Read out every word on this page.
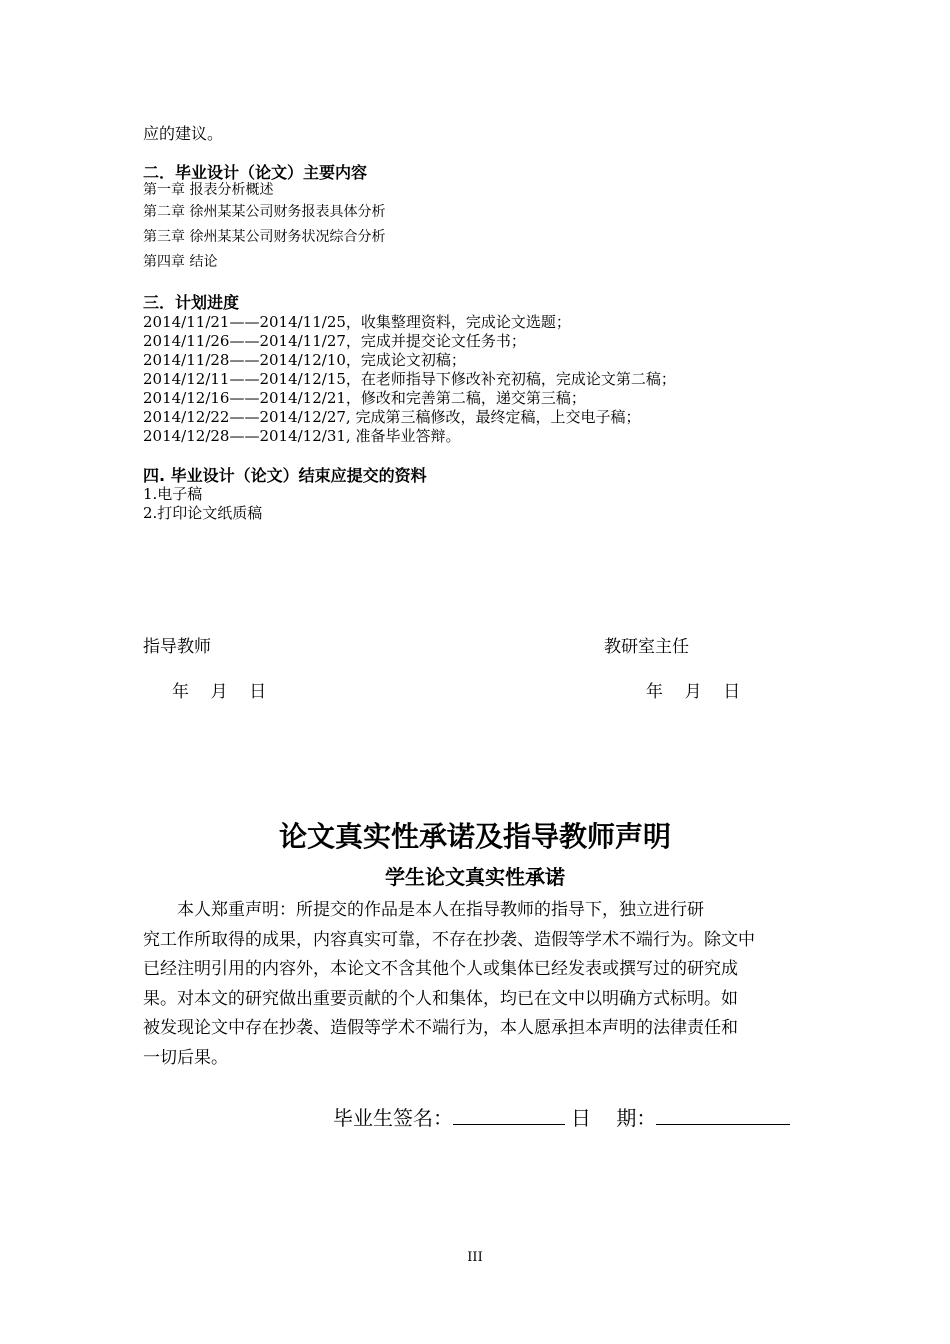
应的建议。
二．毕业设计（论文）主要内容
第一章 报表分析概述
第二章 徐州某某公司财务报表具体分析
第三章 徐州某某公司财务状况综合分析
第四章 结论
三．计划进度
2014/11/21——2014/11/25，收集整理资料，完成论文选题；
2014/11/26——2014/11/27，完成并提交论文任务书；
2014/11/28——2014/12/10，完成论文初稿；
2014/12/11——2014/12/15，在老师指导下修改补充初稿，完成论文第二稿；
2014/12/16——2014/12/21，修改和完善第二稿，递交第三稿；
2014/12/22——2014/12/27, 完成第三稿修改，最终定稿，上交电子稿；
2014/12/28——2014/12/31, 准备毕业答辩。
四. 毕业设计（论文）结束应提交的资料
1.电子稿
2.打印论文纸质稿
指导教师	教研室主任
年    月    日	年    月    日
论文真实性承诺及指导教师声明
学生论文真实性承诺
　　本人郑重声明：所提交的作品是本人在指导教师的指导下，独立进行研
究工作所取得的成果，内容真实可靠，不存在抄袭、造假等学术不端行为。除文中
已经注明引用的内容外，本论文不含其他个人或集体已经发表或撰写过的研究成
果。对本文的研究做出重要贡献的个人和集体，均已在文中以明确方式标明。如
被发现论文中存在抄袭、造假等学术不端行为，本人愿承担本声明的法律责任和
一切后果。
毕业生签名：	日    期：
III
